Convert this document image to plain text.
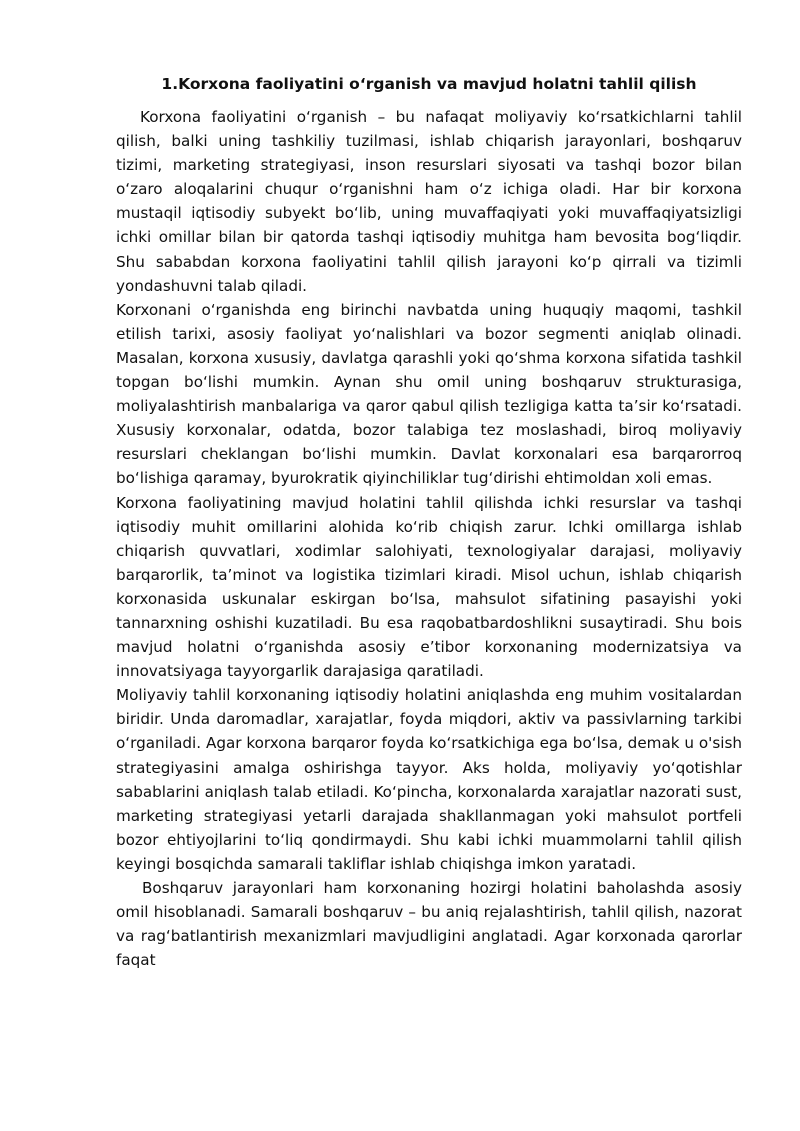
1.Korxona faoliyatini o‘rganish va mavjud holatni tahlil qilish

Korxona faoliyatini o‘rganish – bu nafaqat moliyaviy ko‘rsatkichlarni tahlil qilish, balki uning tashkiliy tuzilmasi, ishlab chiqarish jarayonlari, boshqaruv tizimi, marketing strategiyasi, inson resurslari siyosati va tashqi bozor bilan o‘zaro aloqalarini chuqur o‘rganishni ham o‘z ichiga oladi. Har bir korxona mustaqil iqtisodiy subyekt bo‘lib, uning muvaffaqiyati yoki muvaffaqiyatsizligi ichki omillar bilan bir qatorda tashqi iqtisodiy muhitga ham bevosita bog‘liqdir. Shu sababdan korxona faoliyatini tahlil qilish jarayoni ko‘p qirrali va tizimli yondashuvni talab qiladi.

Korxonani o‘rganishda eng birinchi navbatda uning huquqiy maqomi, tashkil etilish tarixi, asosiy faoliyat yo‘nalishlari va bozor segmenti aniqlab olinadi. Masalan, korxona xususiy, davlatga qarashli yoki qo‘shma korxona sifatida tashkil topgan bo‘lishi mumkin. Aynan shu omil uning boshqaruv strukturasiga, moliyalashtirish manbalariga va qaror qabul qilish tezligiga katta ta’sir ko‘rsatadi. Xususiy korxonalar, odatda, bozor talabiga tez moslashadi, biroq moliyaviy resurslari cheklangan bo‘lishi mumkin. Davlat korxonalari esa barqarorroq bo‘lishiga qaramay, byurokratik qiyinchiliklar tug‘dirishi ehtimoldan xoli emas.

Korxona faoliyatining mavjud holatini tahlil qilishda ichki resurslar va tashqi iqtisodiy muhit omillarini alohida ko‘rib chiqish zarur. Ichki omillarga ishlab chiqarish quvvatlari, xodimlar salohiyati, texnologiyalar darajasi, moliyaviy barqarorlik, ta’minot va logistika tizimlari kiradi. Misol uchun, ishlab chiqarish korxonasida uskunalar eskirgan bo‘lsa, mahsulot sifatining pasayishi yoki tannarxning oshishi kuzatiladi. Bu esa raqobatbardoshlikni susaytiradi. Shu bois mavjud holatni o‘rganishda asosiy e’tibor korxonaning modernizatsiya va innovatsiyaga tayyorgarlik darajasiga qaratiladi.

Moliyaviy tahlil korxonaning iqtisodiy holatini aniqlashda eng muhim vositalardan biridir. Unda daromadlar, xarajatlar, foyda miqdori, aktiv va passivlarning tarkibi o‘rganiladi. Agar korxona barqaror foyda ko‘rsatkichiga ega bo‘lsa, demak u o'sish strategiyasini amalga oshirishga tayyor. Aks holda, moliyaviy yo‘qotishlar sabablarini aniqlash talab etiladi. Ko‘pincha, korxonalarda xarajatlar nazorati sust, marketing strategiyasi yetarli darajada shakllanmagan yoki mahsulot portfeli bozor ehtiyojlarini to‘liq qondirmaydi. Shu kabi ichki muammolarni tahlil qilish keyingi bosqichda samarali takliflar ishlab chiqishga imkon yaratadi.

Boshqaruv jarayonlari ham korxonaning hozirgi holatini baholashda asosiy omil hisoblanadi. Samarali boshqaruv – bu aniq rejalashtirish, tahlil qilish, nazorat va rag‘batlantirish mexanizmlari mavjudligini anglatadi. Agar korxonada qarorlar faqat
